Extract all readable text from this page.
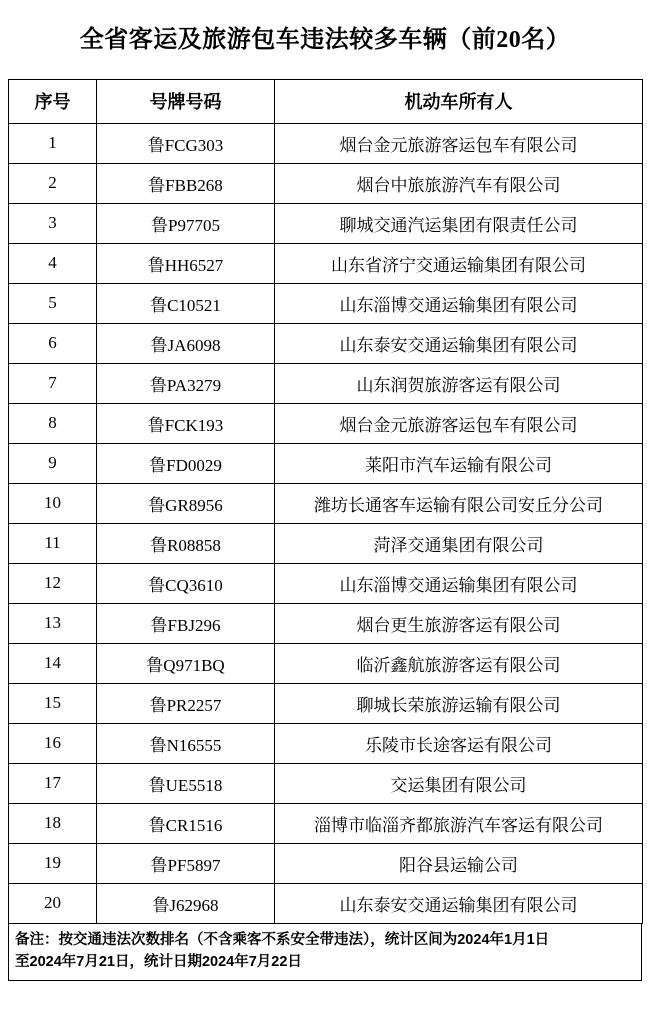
全省客运及旅游包车违法较多车辆（前20名）
序号	号牌号码	机动车所有人
1	鲁FCG303	烟台金元旅游客运包车有限公司
2	鲁FBB268	烟台中旅旅游汽车有限公司
3	鲁P97705	聊城交通汽运集团有限责任公司
4	鲁HH6527	山东省济宁交通运输集团有限公司
5	鲁C10521	山东淄博交通运输集团有限公司
6	鲁JA6098	山东泰安交通运输集团有限公司
7	鲁PA3279	山东润贺旅游客运有限公司
8	鲁FCK193	烟台金元旅游客运包车有限公司
9	鲁FD0029	莱阳市汽车运输有限公司
10	鲁GR8956	潍坊长通客车运输有限公司安丘分公司
11	鲁R08858	菏泽交通集团有限公司
12	鲁CQ3610	山东淄博交通运输集团有限公司
13	鲁FBJ296	烟台更生旅游客运有限公司
14	鲁Q971BQ	临沂鑫航旅游客运有限公司
15	鲁PR2257	聊城长荣旅游运输有限公司
16	鲁N16555	乐陵市长途客运有限公司
17	鲁UE5518	交运集团有限公司
18	鲁CR1516	淄博市临淄齐都旅游汽车客运有限公司
19	鲁PF5897	阳谷县运输公司
20	鲁J62968	山东泰安交通运输集团有限公司
备注：按交通违法次数排名（不含乘客不系安全带违法），统计区间为2024年1月1日
至2024年7月21日，统计日期2024年7月22日
